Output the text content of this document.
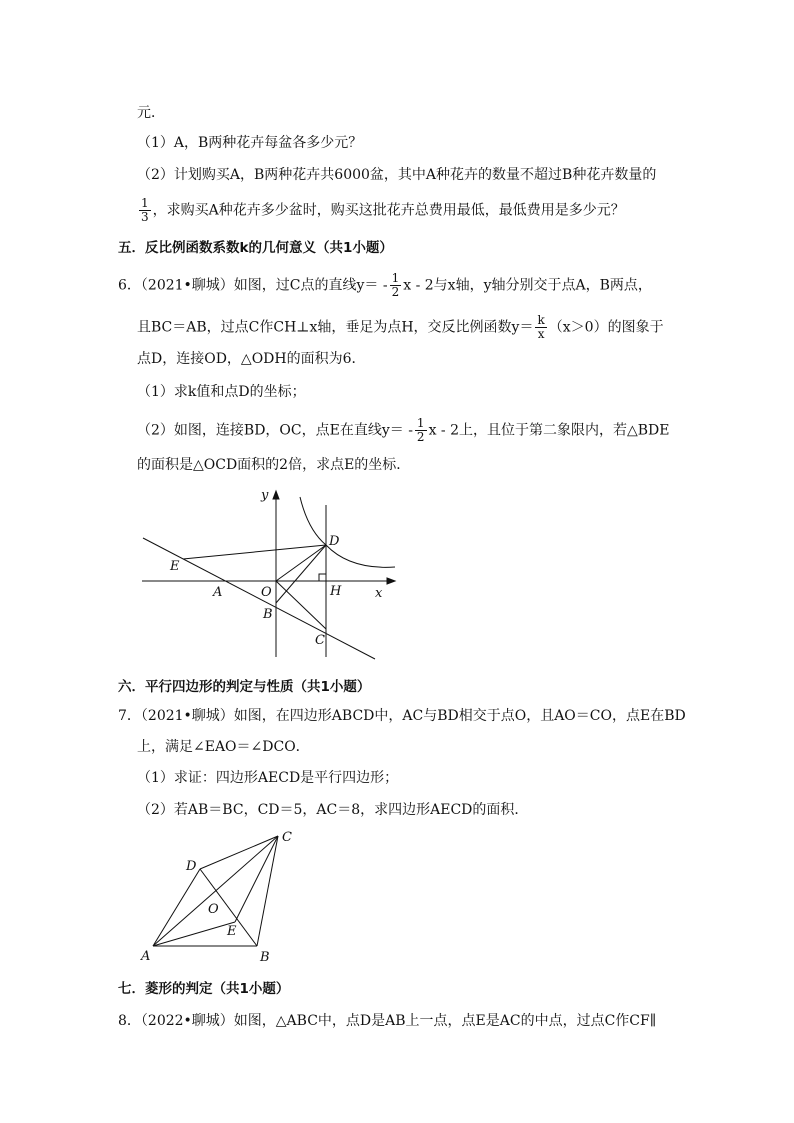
元．
（1）A，B两种花卉每盆各多少元？
（2）计划购买A，B两种花卉共6000盆，其中A种花卉的数量不超过B种花卉数量的
$\frac{1}{3}$ ，求购买A种花卉多少盆时，购买这批花卉总费用最低，最低费用是多少元？
五．反比例函数系数k的几何意义（共1小题）
6．（2021•聊城）如图，过C点的直线$y= - \frac{1}{2}$ x - 2与x轴，y轴分别交于点A，B两点，
且BC＝AB，过点C作CH⊥x轴，垂足为点H，交反比例函数$y= \frac{k}{x} (x>0)$的图象于
点D，连接OD，△ODH的面积为6．
（1）求k值和点D的坐标；
（2）如图，连接BD，OC，点E在直线$y= - \frac{1}{2}$ x - 2上，且位于第二象限内，若△BDE
的面积是△OCD面积的2倍，求点E的坐标．
y
D
E
A	O	H	x
B
C
六．平行四边形的判定与性质（共1小题）
7．（2021•聊城）如图，在四边形ABCD中，AC与BD相交于点O，且AO＝CO，点E在BD
上，满足∠EAO＝∠DCO．
（1）求证：四边形AECD是平行四边形；
（2）若AB＝BC，CD＝5，AC＝8，求四边形AECD的面积．
C
D
O
E
A	B
七．菱形的判定（共1小题）
8．（2022•聊城）如图，△ABC中，点D是AB上一点，点E是AC的中点，过点C作CF∥
